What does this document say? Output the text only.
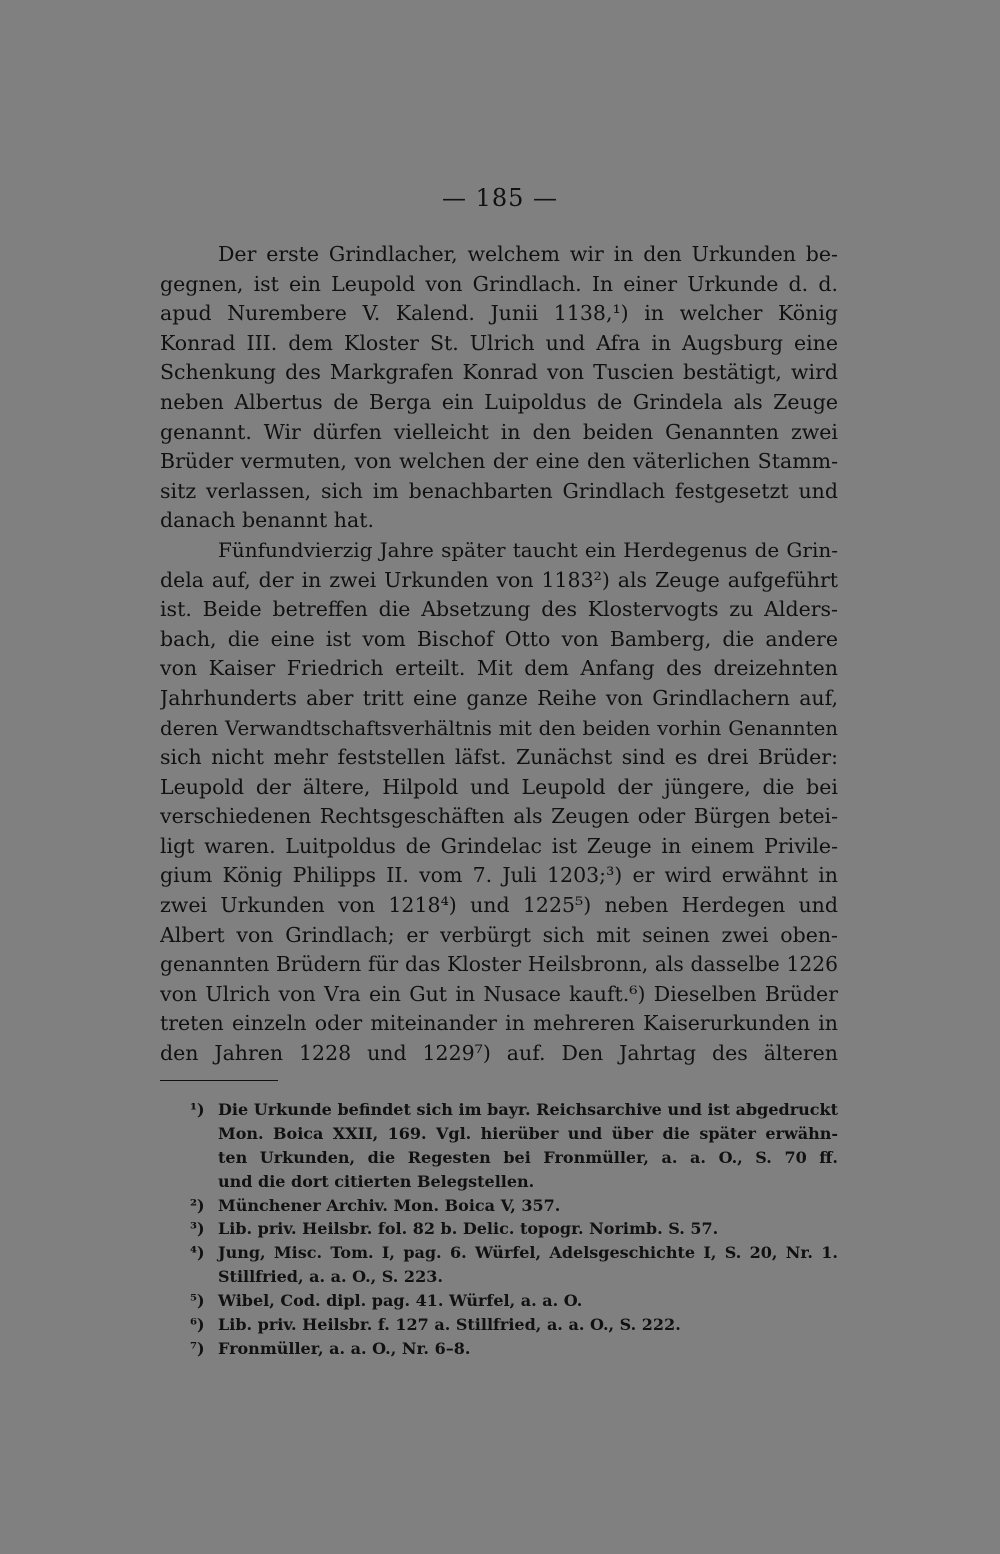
— 185 —
Der erste Grindlacher, welchem wir in den Urkunden be-
gegnen, ist ein Leupold von Grindlach. In einer Urkunde d. d.
apud Nurembere V. Kalend. Junii 1138,¹) in welcher König
Konrad III. dem Kloster St. Ulrich und Afra in Augsburg eine
Schenkung des Markgrafen Konrad von Tuscien bestätigt, wird
neben Albertus de Berga ein Luipoldus de Grindela als Zeuge
genannt. Wir dürfen vielleicht in den beiden Genannten zwei
Brüder vermuten, von welchen der eine den väterlichen Stamm-
sitz verlassen, sich im benachbarten Grindlach festgesetzt und
danach benannt hat.
Fünfundvierzig Jahre später taucht ein Herdegenus de Grin-
dela auf, der in zwei Urkunden von 1183²) als Zeuge aufgeführt
ist. Beide betreffen die Absetzung des Klostervogts zu Alders-
bach, die eine ist vom Bischof Otto von Bamberg, die andere
von Kaiser Friedrich erteilt. Mit dem Anfang des dreizehnten
Jahrhunderts aber tritt eine ganze Reihe von Grindlachern auf,
deren Verwandtschaftsverhältnis mit den beiden vorhin Genannten
sich nicht mehr feststellen läfst. Zunächst sind es drei Brüder:
Leupold der ältere, Hilpold und Leupold der jüngere, die bei
verschiedenen Rechtsgeschäften als Zeugen oder Bürgen betei-
ligt waren. Luitpoldus de Grindelac ist Zeuge in einem Privile-
gium König Philipps II. vom 7. Juli 1203;³) er wird erwähnt in
zwei Urkunden von 1218⁴) und 1225⁵) neben Herdegen und
Albert von Grindlach; er verbürgt sich mit seinen zwei oben-
genannten Brüdern für das Kloster Heilsbronn, als dasselbe 1226
von Ulrich von Vra ein Gut in Nusace kauft.⁶) Dieselben Brüder
treten einzeln oder miteinander in mehreren Kaiserurkunden in
den Jahren 1228 und 1229⁷) auf. Den Jahrtag des älteren
¹) Die Urkunde befindet sich im bayr. Reichsarchive und ist abgedruckt
Mon. Boica XXII, 169. Vgl. hierüber und über die später erwähn-
ten Urkunden, die Regesten bei Fronmüller, a. a. O., S. 70 ff.
und die dort citierten Belegstellen.
²) Münchener Archiv. Mon. Boica V, 357.
³) Lib. priv. Heilsbr. fol. 82 b. Delic. topogr. Norimb. S. 57.
⁴) Jung, Misc. Tom. I, pag. 6. Würfel, Adelsgeschichte I, S. 20, Nr. 1.
Stillfried, a. a. O., S. 223.
⁵) Wibel, Cod. dipl. pag. 41. Würfel, a. a. O.
⁶) Lib. priv. Heilsbr. f. 127 a. Stillfried, a. a. O., S. 222.
⁷) Fronmüller, a. a. O., Nr. 6–8.
